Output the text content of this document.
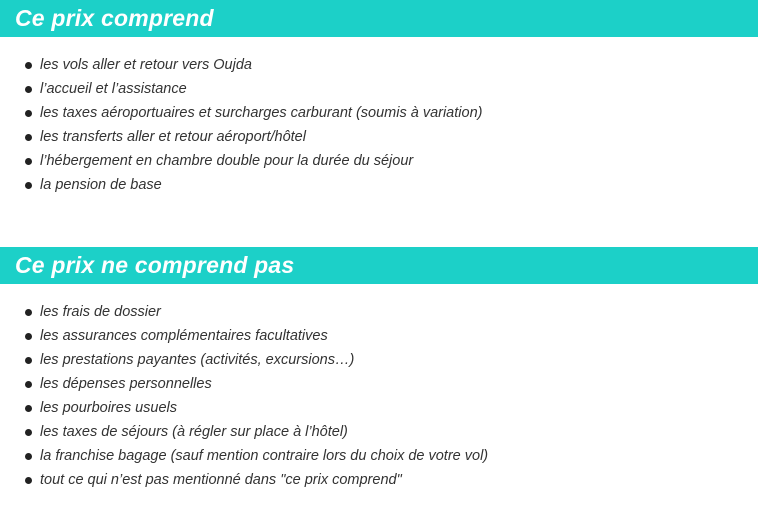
Ce prix comprend
les vols aller et retour vers Oujda
l’accueil et l’assistance
les taxes aéroportuaires et surcharges carburant (soumis à variation)
les transferts aller et retour aéroport/hôtel
l’hébergement en chambre double pour la durée du séjour
la pension de base
Ce prix ne comprend pas
les frais de dossier
les assurances complémentaires facultatives
les prestations payantes (activités, excursions…)
les dépenses personnelles
les pourboires usuels
les taxes de séjours (à régler sur place à l’hôtel)
la franchise bagage (sauf mention contraire lors du choix de votre vol)
tout ce qui n’est pas mentionné dans "ce prix comprend"
